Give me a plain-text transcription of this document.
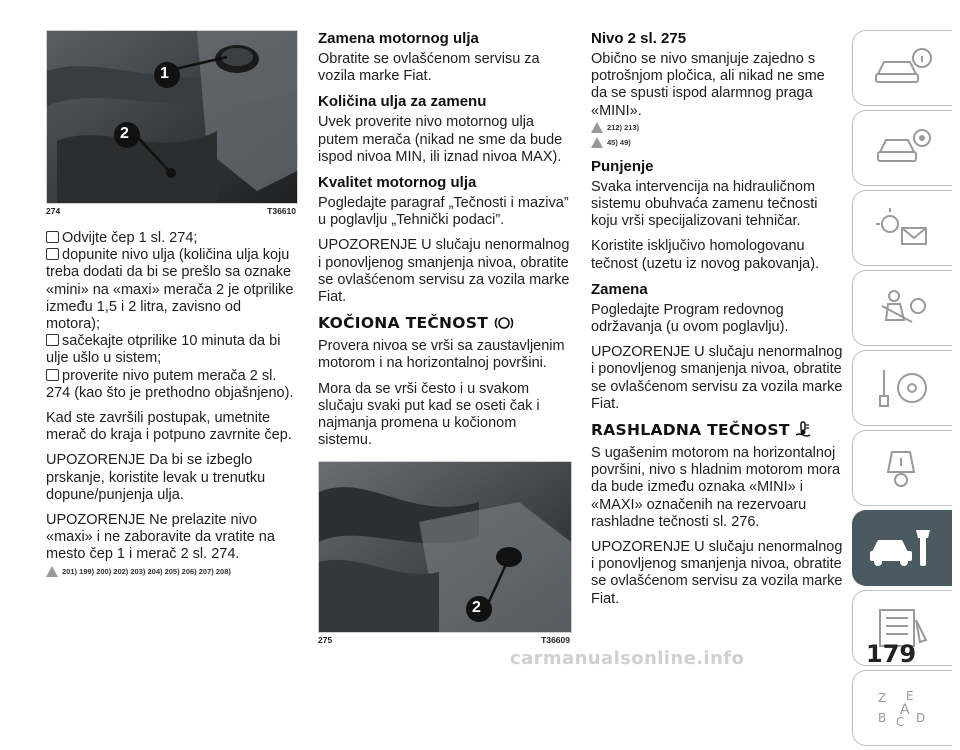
1
2
274	T36610

Odvijte čep 1 sl. 274;

dopunite nivo ulja (količina ulja koju treba dodati da bi se prešlo sa oznake «mini» na «maxi» merača 2 je otprilike između 1,5 i 2 litra, zavisno od motora);

sačekajte otprilike 10 minuta da bi ulje ušlo u sistem;

proverite nivo putem merača 2 sl. 274 (kao što je prethodno objašnjeno).

Kad ste završili postupak, umetnite merač do kraja i potpuno zavrnite čep.

UPOZORENJE Da bi se izbeglo prskanje, koristite levak u trenutku dopune/punjenja ulja.

UPOZORENJE Ne prelazite nivo «maxi» i ne zaboravite da vratite na mesto čep 1 i merač 2 sl. 274.

201) 199) 200) 202) 203) 204) 205) 206) 207) 208)

Zamena motornog ulja

Obratite se ovlašćenom servisu za vozila marke Fiat.

Količina ulja za zamenu

Uvek proverite nivo motornog ulja putem merača (nikad ne sme da bude ispod nivoa MIN, ili iznad nivoa MAX).

Kvalitet motornog ulja

Pogledajte paragraf „Tečnosti i maziva” u poglavlju „Tehnički podaci”.

UPOZORENJE U slučaju nenormalnog i ponovljenog smanjenja nivoa, obratite se ovlašćenom servisu za vozila marke Fiat.

KOČIONA TEČNOST

Provera nivoa se vrši sa zaustavljenim motorom i na horizontalnoj površini.

Mora da se vrši često i u svakom slučaju svaki put kad se oseti čak i najmanja promena u kočionom sistemu.

2
275	T36609

Nivo 2 sl. 275

Obično se nivo smanjuje zajedno s potrošnjom pločica, ali nikad ne sme da se spusti ispod alarmnog praga «MINI».

212) 213)
45) 49)

Punjenje

Svaka intervencija na hidrauličnom sistemu obuhvaća zamenu tečnosti koju vrši specijalizovani tehničar.

Koristite isključivo homologovanu tečnost (uzetu iz novog pakovanja).

Zamena

Pogledajte Program redovnog održavanja (u ovom poglavlju).

UPOZORENJE U slučaju nenormalnog i ponovljenog smanjenja nivoa, obratite se ovlašćenom servisu za vozila marke Fiat.

RASHLADNA TEČNOST

S ugašenim motorom na horizontalnoj površini, nivo s hladnim motorom mora da bude između oznaka «MINI» i «MAXI» označenih na rezervoaru rashladne tečnosti sl. 276.

UPOZORENJE U slučaju nenormalnog i ponovljenog smanjenja nivoa, obratite se ovlašćenom servisu za vozila marke Fiat.

Z E
B C
A D
carmanualsonline.info	179
